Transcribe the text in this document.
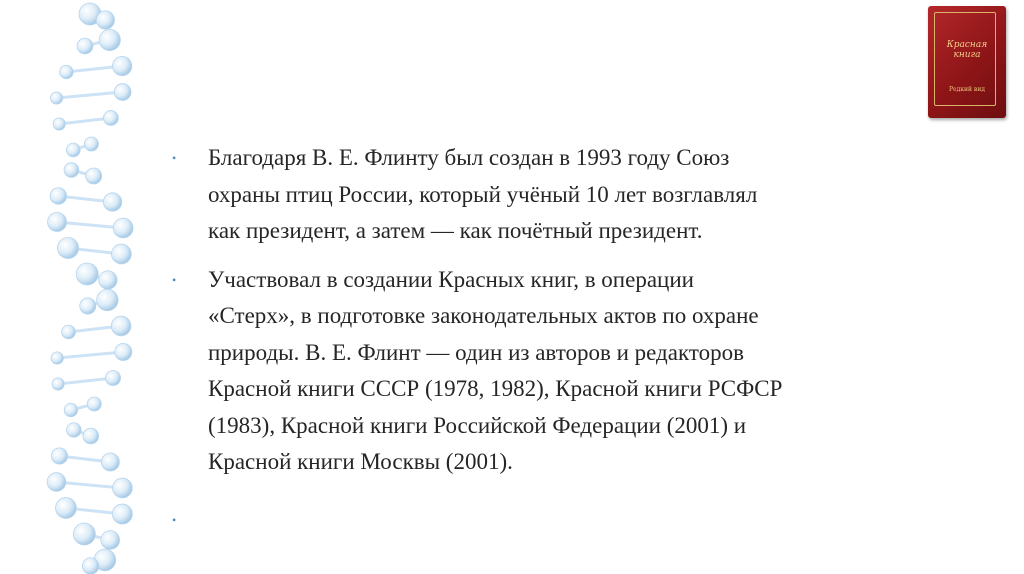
Красная
книга
Редкий вид
• Благодаря В. Е. Флинту был создан в 1993 году Союз
охраны птиц России, который учёный 10 лет возглавлял
как президент, а затем — как почётный президент.
• Участвовал в создании Красных книг, в операции
«Стерх», в подготовке законодательных актов по охране
природы. В. Е. Флинт — один из авторов и редакторов
Красной книги СССР (1978, 1982), Красной книги РСФСР
(1983), Красной книги Российской Федерации (2001) и
Красной книги Москвы (2001).
•
